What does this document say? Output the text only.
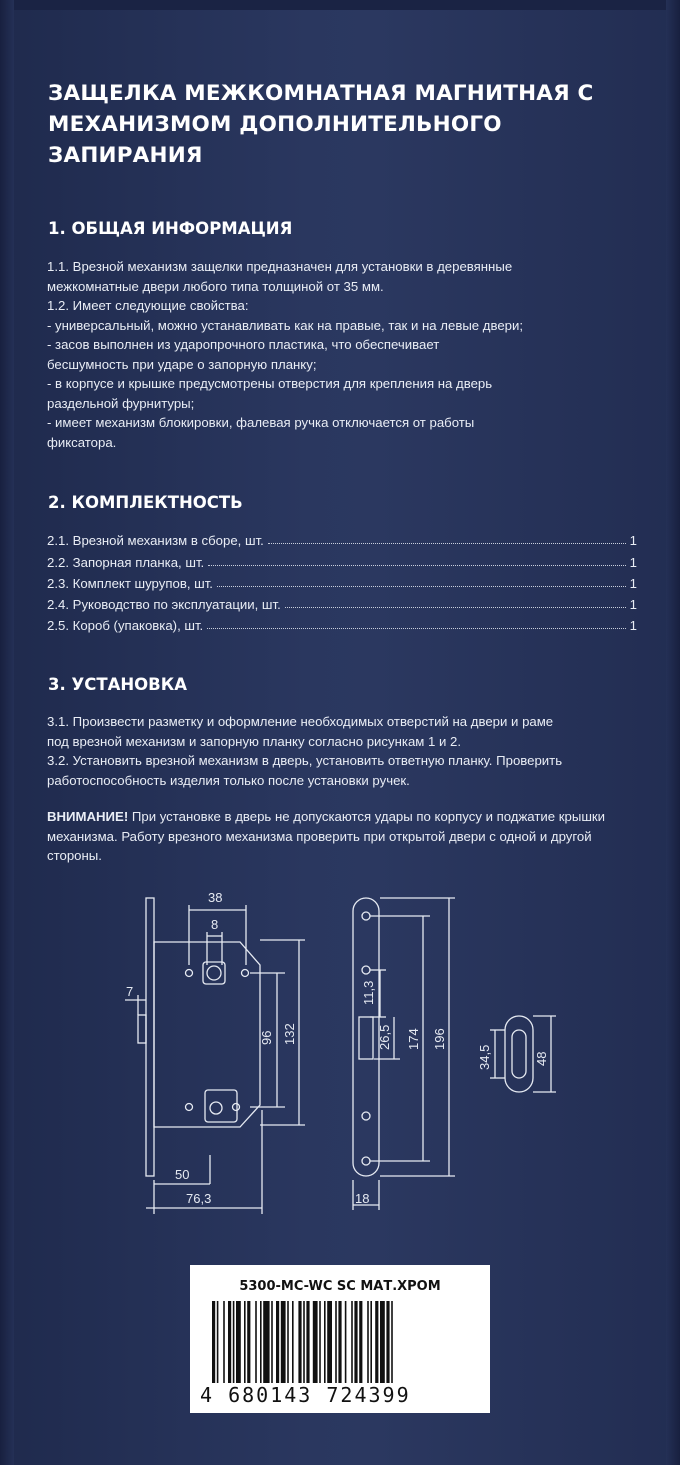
ЗАЩЕЛКА МЕЖКОМНАТНАЯ МАГНИТНАЯ С МЕХАНИЗМОМ ДОПОЛНИТЕЛЬНОГО ЗАПИРАНИЯ
1. ОБЩАЯ ИНФОРМАЦИЯ

1.1. Врезной механизм защелки предназначен для установки в деревянные

межкомнатные двери любого типа толщиной от 35 мм.

1.2. Имеет следующие свойства:

- универсальный, можно устанавливать как на правые, так и на левые двери;

- засов выполнен из ударопрочного пластика, что обеспечивает

бесшумность при ударе о запорную планку;

- в корпусе и крышке предусмотрены отверстия для крепления на дверь

раздельной фурнитуры;

- имеет механизм блокировки, фалевая ручка отключается от работы

фиксатора.

2. КОМПЛЕКТНОСТЬ
2.1. Врезной механизм в сборе, шт.	1
2.2. Запорная планка, шт.	1
2.3. Комплект шурупов, шт.	1
2.4. Руководство по эксплуатации, шт.	1
2.5. Короб (упаковка), шт.	1
3. УСТАНОВКА

3.1. Произвести разметку и оформление необходимых отверстий на двери и раме

под врезной механизм и запорную планку согласно рисункам 1 и 2.

3.2. Установить врезной механизм в дверь, установить ответную планку. Проверить

работоспособность изделия только после установки ручек.

ВНИМАНИЕ! При установке в дверь не допускаются удары по корпусу и поджатие крышки механизма. Работу врезного механизма проверить при открытой двери с одной и другой стороны.
38
8
7
96 132
50
76,3
11,3
26,5 174 196
18
34,5	48
5300-MC-WC SC МАТ.ХРОМ
4 680143 724399
